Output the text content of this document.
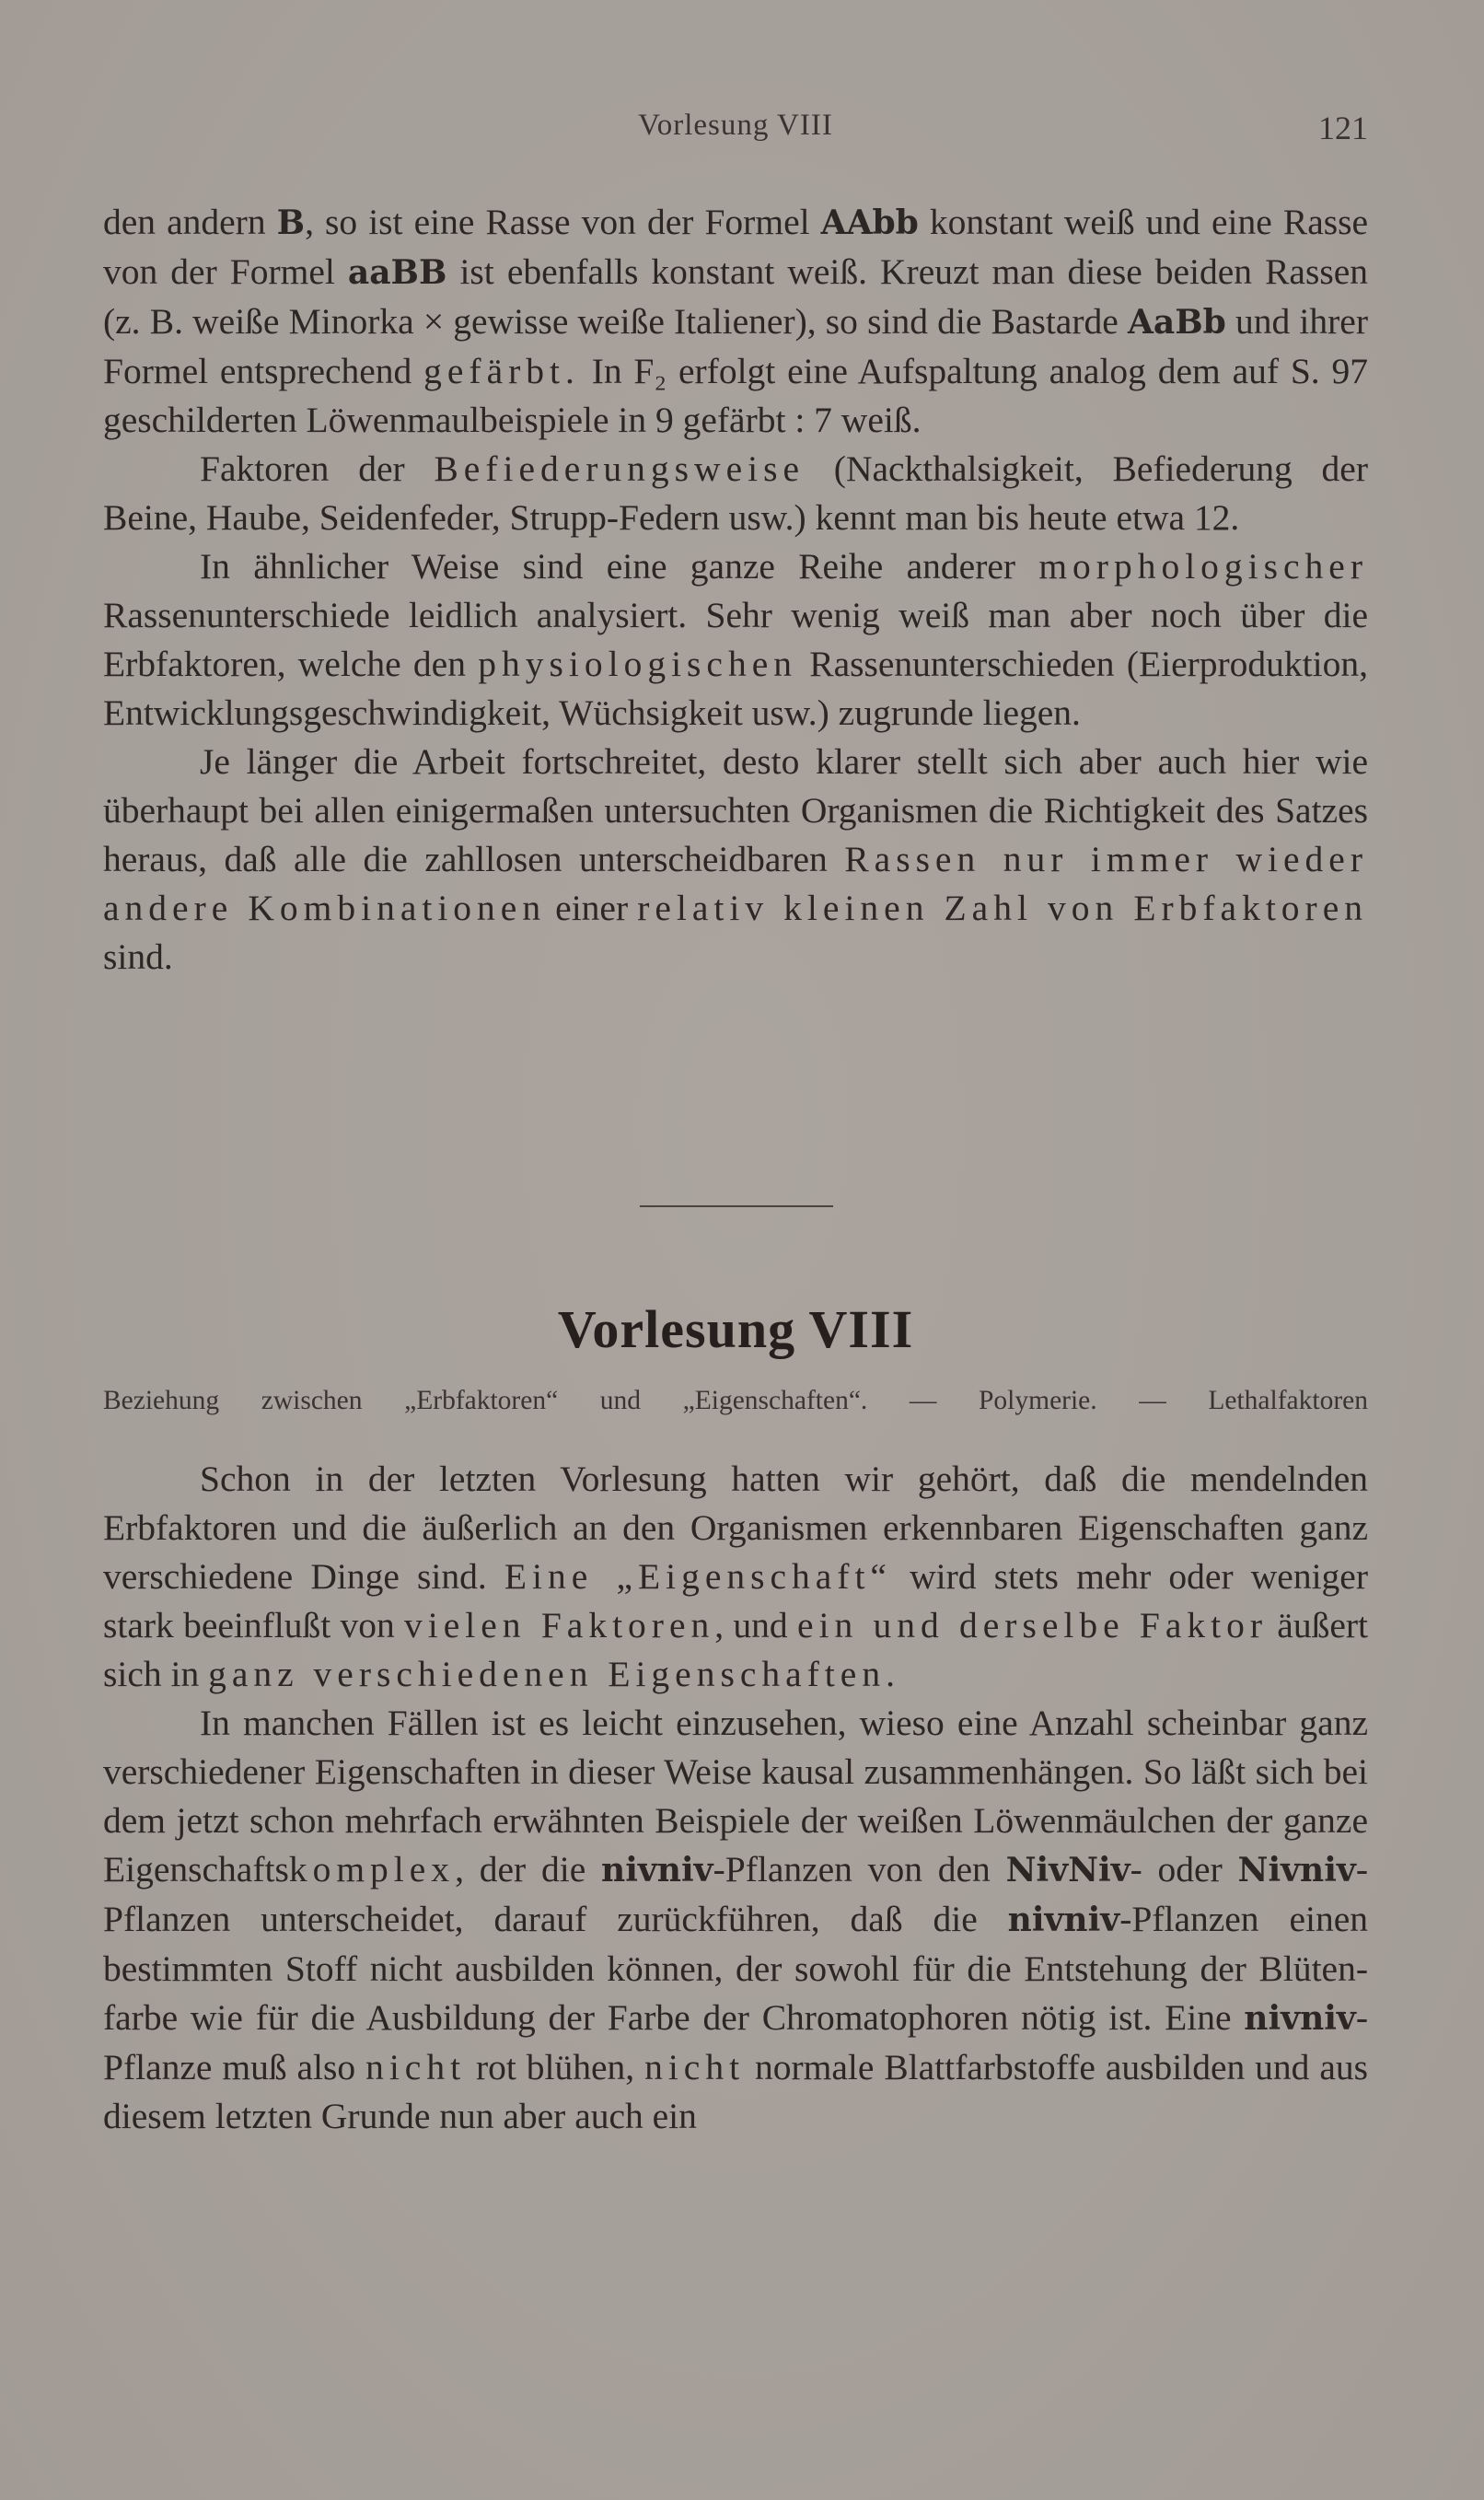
Vorlesung VIII	121

den andern B, so ist eine Rasse von der Formel AAbb konstant weiß und eine Rasse von der Formel aaBB ist ebenfalls konstant weiß. Kreuzt man diese beiden Rassen (z. B. weiße Minorka × gewisse weiße Italiener), so sind die Bastarde AaBb und ihrer Formel entsprechend gefärbt. In F₂ erfolgt eine Aufspaltung analog dem auf S. 97 geschilderten Löwenmaulbeispiele in 9 gefärbt : 7 weiß.

Faktoren der Befiederungsweise (Nackthalsigkeit, Befiederung der Beine, Haube, Seidenfeder, Strupp-Federn usw.) kennt man bis heute etwa 12.

In ähnlicher Weise sind eine ganze Reihe anderer morphologischer Rassenunterschiede leidlich analysiert. Sehr wenig weiß man aber noch über die Erbfaktoren, welche den physiologischen Rassenunterschieden (Eierproduktion, Entwicklungsgeschwindigkeit, Wüchsigkeit usw.) zugrunde liegen.

Je länger die Arbeit fortschreitet, desto klarer stellt sich aber auch hier wie überhaupt bei allen einigermaßen untersuchten Organismen die Richtigkeit des Satzes heraus, daß alle die zahllosen unterscheidbaren Rassen nur immer wieder andere Kombinationen einer relativ kleinen Zahl von Erbfaktoren sind.

Vorlesung VIII
Beziehung zwischen „Erbfaktoren“ und „Eigenschaften“. — Polymerie. — Lethalfaktoren

Schon in der letzten Vorlesung hatten wir gehört, daß die mendelnden Erbfaktoren und die äußerlich an den Organismen erkennbaren Eigenschaften ganz verschiedene Dinge sind. Eine „Eigenschaft“ wird stets mehr oder weniger stark beeinflußt von vielen Faktoren, und ein und derselbe Faktor äußert sich in ganz verschiedenen Eigenschaften.

In manchen Fällen ist es leicht einzusehen, wieso eine Anzahl scheinbar ganz verschiedener Eigenschaften in dieser Weise kausal zusammenhängen. So läßt sich bei dem jetzt schon mehrfach erwähnten Beispiele der weißen Löwenmäulchen der ganze Eigenschaftskomplex, der die nivniv-Pflanzen von den NivNiv- oder Nivniv-Pflanzen unterscheidet, darauf zurückführen, daß die nivniv-Pflanzen einen bestimmten Stoff nicht ausbilden können, der sowohl für die Entstehung der Blütenfarbe wie für die Ausbildung der Farbe der Chromatophoren nötig ist. Eine nivniv-Pflanze muß also nicht rot blühen, nicht normale Blattfarbstoffe ausbilden und aus diesem letzten Grunde nun aber auch ein
